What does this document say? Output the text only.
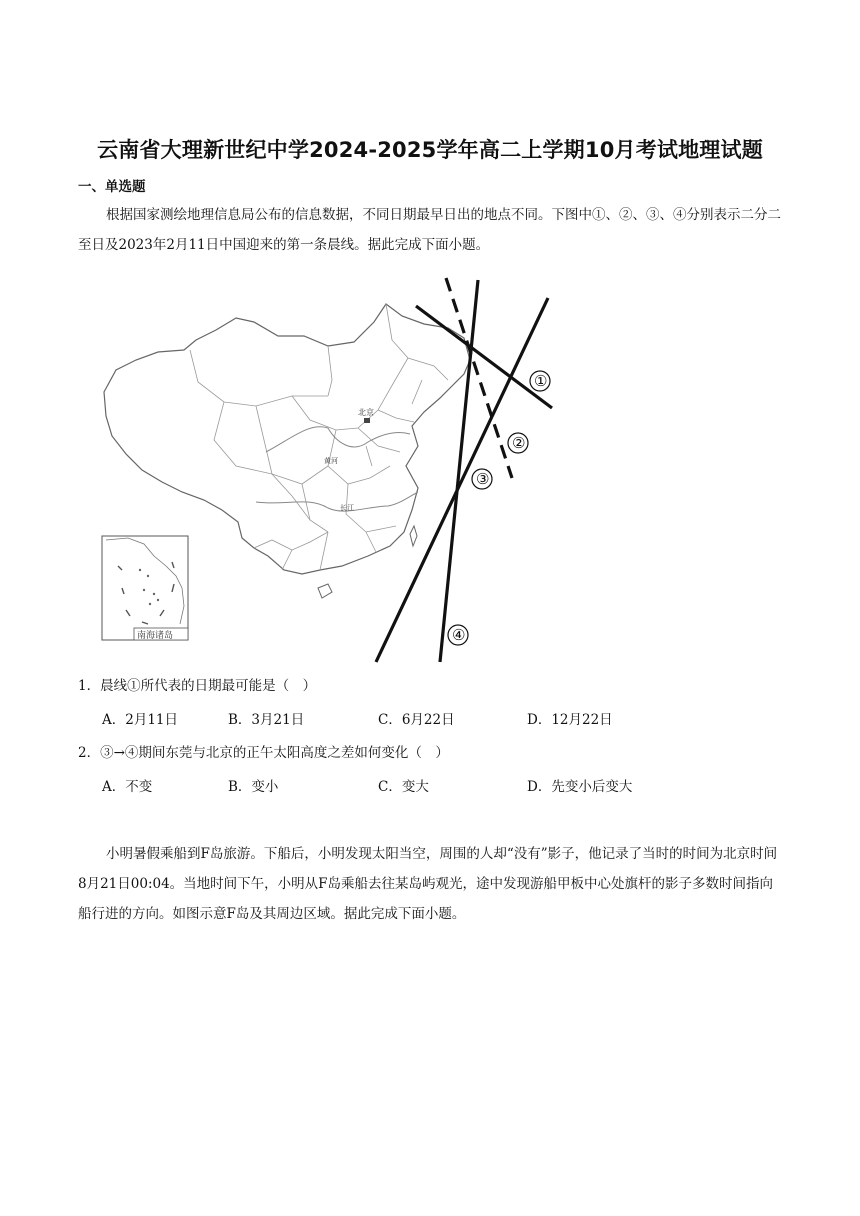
云南省大理新世纪中学2024-2025学年高二上学期10月考试地理试题
一、单选题

根据国家测绘地理信息局公布的信息数据，不同日期最早日出的地点不同。下图中①、②、③、④分别表示二分二至日及2023年2月11日中国迎来的第一条晨线。据此完成下面小题。

北京
黄河
长江
南海诸岛
①
②
③
④

1．晨线①所代表的日期最可能是（　）

A．2月11日	B．3月21日	C．6月22日	D．12月22日

2．③→④期间东莞与北京的正午太阳高度之差如何变化（　）

A．不变	B．变小	C．变大	D．先变小后变大

小明暑假乘船到F岛旅游。下船后，小明发现太阳当空，周围的人却“没有”影子，他记录了当时的时间为北京时间8月21日00:04。当地时间下午，小明从F岛乘船去往某岛屿观光，途中发现游船甲板中心处旗杆的影子多数时间指向船行进的方向。如图示意F岛及其周边区域。据此完成下面小题。
